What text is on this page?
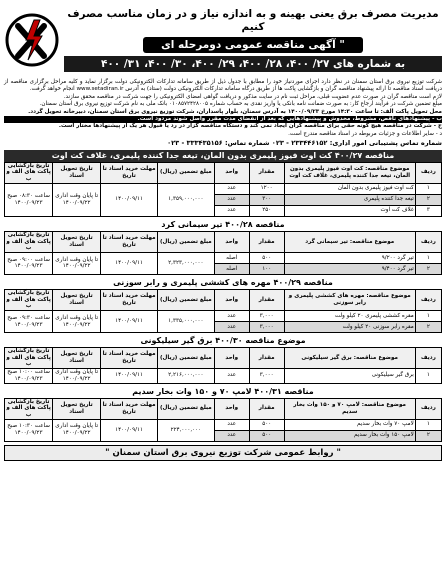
مدیریت مصرف برق یعنی بهینه و به اندازه نیاز و در زمان مناسب مصرف کنیم
" آگهی مناقصه عمومی دومرحله ای
به شماره های ۲۷/ ۴۰۰، ۲۸/ ۴۰۰، ۲۹/ ۴۰۰، ۳۰/ ۴۰۰، ۳۱/ ۴۰۰

شرکت توزیع نیروی برق استان سمنان در نظر دارد اجرای موردنیاز خود را مطابق با جدول ذیل از طریق سامانه تدارکات الکترونیکی دولت برگزار نماید و کلیه مراحل برگزاری مناقصه از دریافت اسناد مناقصه تا ارائه پیشنهاد مناقصه گران و بازگشایی پاکت ها از طریق درگاه سامانه تدارکات الکترونیکی دولت (ستاد) به آدرس www.setadiran.ir انجام خواهد گرفت.

لازم است مناقصه گران در صورت عدم عضویت قبلی، مراحل ثبت نام در سایت مذکور و دریافت گواهی امضای الکترونیکی را جهت شرکت در مناقصه محقق سازند.

مبلغ تضمین شرکت در فرآیند ارجاع کار: به صورت ضمانت نامه بانکی یا واریز نقدی به حساب شماره ۰۱۰۸۵۷۲۴۲۸۰۰۵ بانک ملی به نام شرکت توزیع نیروی برق استان سمنان.

محل تحویل پاکت الف: تا ساعت ۱۴:۳۰ مورخ ۱۴۰۰/۰۹/۲۳ به آدرس سمنان، بلوار پاسداران، شرکت توزیع نیروی برق استان سمنان، دبیرخانه تحویل گردد.

ب - پیشنهادهای ناقص، مشروط، مخدوش و پیشنهادهایی که بعد از انقضای مدت مقرر واصل شوند مردود است.

ج - شرکت در مناقصه هیچ گونه حقی برای مناقصه گران ایجاد نمی کند و دستگاه مناقصه گزار در رد یا قبول هر یک از پیشنهادها مختار است.

د - سایر اطلاعات و جزئیات مربوطه در اسناد مناقصه مندرج است.

شماره تماس پشتیبانی امور اداری: ۲۳۳۴۴۶۱۵۲ - ۰۲۳ شماره تماس: ۳۳۳۴۳۵۱۵۶ - ۰۲۳
مناقصه ۴۰۰/۲۷ کت اوت فیوز پلیمری بدون المان، تیغه جدا کننده پلیمری، غلاف کت اوت
ردیف	موضوع مناقصه: کت اوت فیوز پلیمری بدون المان، تیغه جدا کننده پلیمری، غلاف کت اوت	مقدار	واحد	مبلغ تضمین (ریال)	مهلت خرید اسناد تا تاریخ	تاریخ تحویل اسناد	تاریخ بازگشایی پاکت های الف و ب
۱	کت اوت فیوز پلیمری بدون المان	۱۲۰۰	عدد	۱,۳۵۹,۰۰۰,۰۰۰	۱۴۰۰/۰۹/۱۱	تا پایان وقت اداری ۱۴۰۰/۰۹/۲۲	ساعت ۰۸:۳۰ صبح ۱۴۰۰/۰۹/۲۳
۲	تیغه جدا کننده پلیمری	۳۰۰	عدد				
۳	غلاف کت اوت	۲۵۰	عدد				
مناقصه ۴۰۰/۲۸ تیر سیمانی کرد
ردیف	موضوع مناقصه: تیر سیمانی گرد	مقدار	واحد	مبلغ تضمین (ریال)	مهلت خرید اسناد تا تاریخ	تاریخ تحویل اسناد	تاریخ بازگشایی پاکت های الف و ب
۱	تیر گرد ۹/۲۰۰	۵۰۰	اصله	۲,۳۲۳,۰۰۰,۰۰۰	۱۴۰۰/۰۹/۱۱	تا پایان وقت اداری ۱۴۰۰/۰۹/۲۲	ساعت ۰۹:۰۰ صبح ۱۴۰۰/۰۹/۲۳
۲	تیر گرد ۹/۴۰۰	۱۰۰	اصله				
مناقصه ۴۰۰/۲۹ مهره های کششی پلیمری و رابر سوزنی
ردیف	موضوع مناقصه: مهره های کششی پلیمری و رابر سوزنی	مقدار	واحد	مبلغ تضمین (ریال)	مهلت خرید اسناد تا تاریخ	تاریخ تحویل اسناد	تاریخ بازگشایی پاکت های الف و ب
۱	مقره کششی پلیمری ۲۰ کیلو ولت	۳,۰۰۰	عدد	۱,۳۳۵,۰۰۰,۰۰۰	۱۴۰۰/۰۹/۱۱	تا پایان وقت اداری ۱۴۰۰/۰۹/۲۲	ساعت ۰۹:۳۰ صبح ۱۴۰۰/۰۹/۲۳
۲	مقره رابر سوزنی ۲۰ کیلو ولت	۳,۰۰۰	عدد				
موضوع مناقصه ۴۰۰/۳۰ برق گیر سیلیکونی
ردیف	موضوع مناقصه: برق گیر سیلیکونی	مقدار	واحد	مبلغ تضمین (ریال)	مهلت خرید اسناد تا تاریخ	تاریخ تحویل اسناد	تاریخ بازگشایی پاکت های الف و ب
۱	برق گیر سیلیکونی	۳,۰۰۰	عدد	۲,۲۱۶,۰۰۰,۰۰۰	۱۴۰۰/۰۹/۱۱	تا پایان وقت اداری ۱۴۰۰/۰۹/۲۲	ساعت ۱۰:۰۰ صبح ۱۴۰۰/۰۹/۲۳
مناقصه ۴۰۰/۳۱ لامپ ۷۰ و ۱۵۰ وات بخار سدیم
ردیف	موضوع مناقصه: لامپ ۷۰ و ۱۵۰ وات بخار سدیم	مقدار	واحد	مبلغ تضمین (ریال)	مهلت خرید اسناد تا تاریخ	تاریخ تحویل اسناد	تاریخ بازگشایی پاکت های الف و ب
۱	لامپ ۷۰ وات بخار سدیم	۵۰۰	عدد	۲۲۴,۰۰۰,۰۰۰	۱۴۰۰/۰۹/۱۱	تا پایان وقت اداری ۱۴۰۰/۰۹/۲۲	ساعت ۱۰:۳۰ صبح ۱۴۰۰/۰۹/۲۳
۲	لامپ ۱۵۰ وات بخار سدیم	۵۰۰	عدد				
" روابط عمومی شرکت توزیع نیروی برق استان سمنان "
